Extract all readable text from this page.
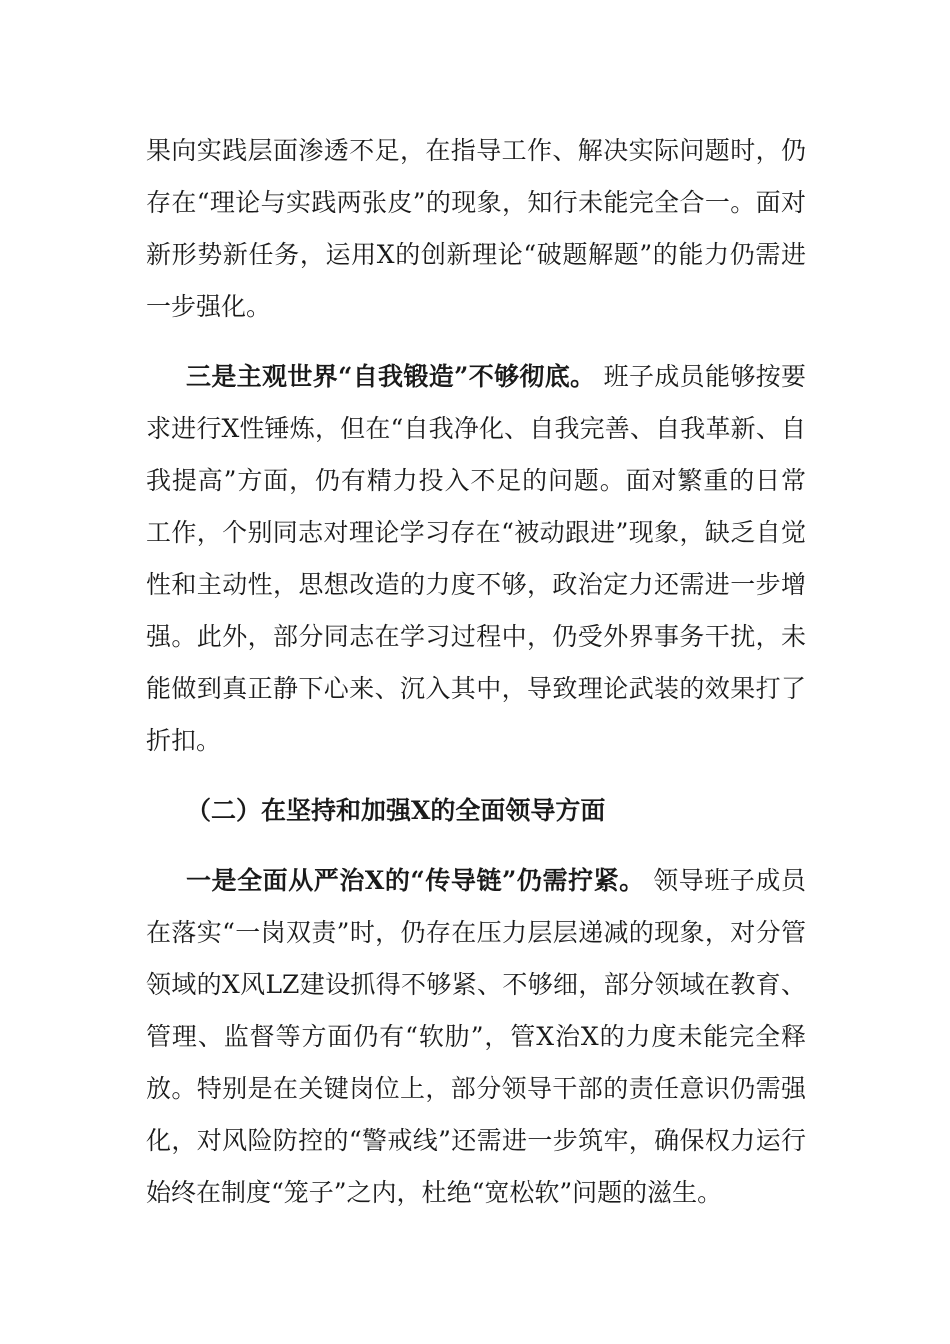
果向实践层面渗透不足，在指导工作、解决实际问题时，仍存在“理论与实践两张皮”的现象，知行未能完全合一。面对新形势新任务，运用X的创新理论“破题解题”的能力仍需进一步强化。

三是主观世界“自我锻造”不够彻底。 班子成员能够按要求进行X性锤炼，但在“自我净化、自我完善、自我革新、自我提高”方面，仍有精力投入不足的问题。面对繁重的日常工作，个别同志对理论学习存在“被动跟进”现象，缺乏自觉性和主动性，思想改造的力度不够，政治定力还需进一步增强。此外，部分同志在学习过程中，仍受外界事务干扰，未能做到真正静下心来、沉入其中，导致理论武装的效果打了折扣。

（二）在坚持和加强X的全面领导方面

一是全面从严治X的“传导链”仍需拧紧。 领导班子成员在落实“一岗双责”时，仍存在压力层层递减的现象，对分管领域的X风LZ建设抓得不够紧、不够细，部分领域在教育、管理、监督等方面仍有“软肋”，管X治X的力度未能完全释放。特别是在关键岗位上，部分领导干部的责任意识仍需强化，对风险防控的“警戒线”还需进一步筑牢，确保权力运行始终在制度“笼子”之内，杜绝“宽松软”问题的滋生。
